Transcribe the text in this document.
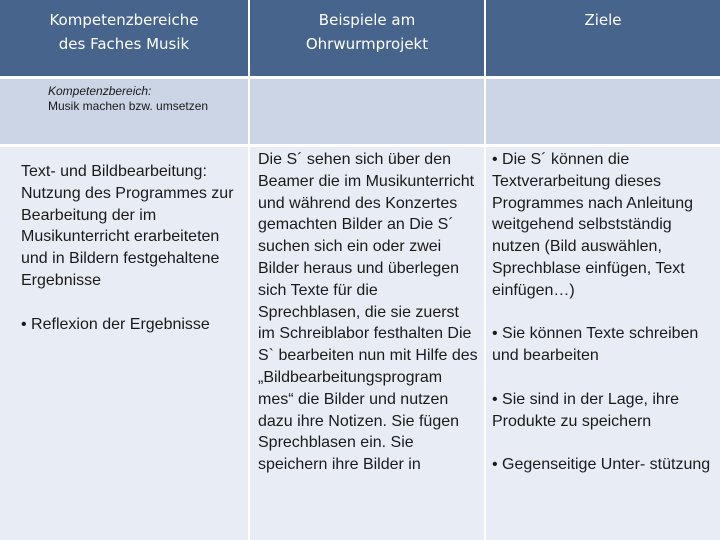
Kompetenzbereiche des Faches Musik
Beispiele am Ohrwurmprojekt
Ziele
Kompetenzbereich:
Musik machen bzw. umsetzen

Text- und Bildbearbeitung: Nutzung des Programmes zur Bearbeitung der im Musikunterricht erarbeiteten und in Bildern festgehaltene Ergebnisse

• Reflexion der Ergebnisse

Die S´ sehen sich über den Beamer die im Musikunterricht und während des Konzertes gemachten Bilder an Die S´ suchen sich ein oder zwei Bilder heraus und überlegen sich Texte für die Sprechblasen, die sie zuerst im Schreiblabor festhalten Die S` bearbeiten nun mit Hilfe des „Bildbearbeitungsprogram mes“ die Bilder und nutzen dazu ihre Notizen. Sie fügen Sprechblasen ein. Sie speichern ihre Bilder in

• Die S´ können die Textverarbeitung dieses Programmes nach Anleitung weitgehend selbstständig nutzen (Bild auswählen, Sprechblase einfügen, Text einfügen…)

• Sie können Texte schreiben und bearbeiten

• Sie sind in der Lage, ihre Produkte zu speichern

• Gegenseitige Unter- stützung
